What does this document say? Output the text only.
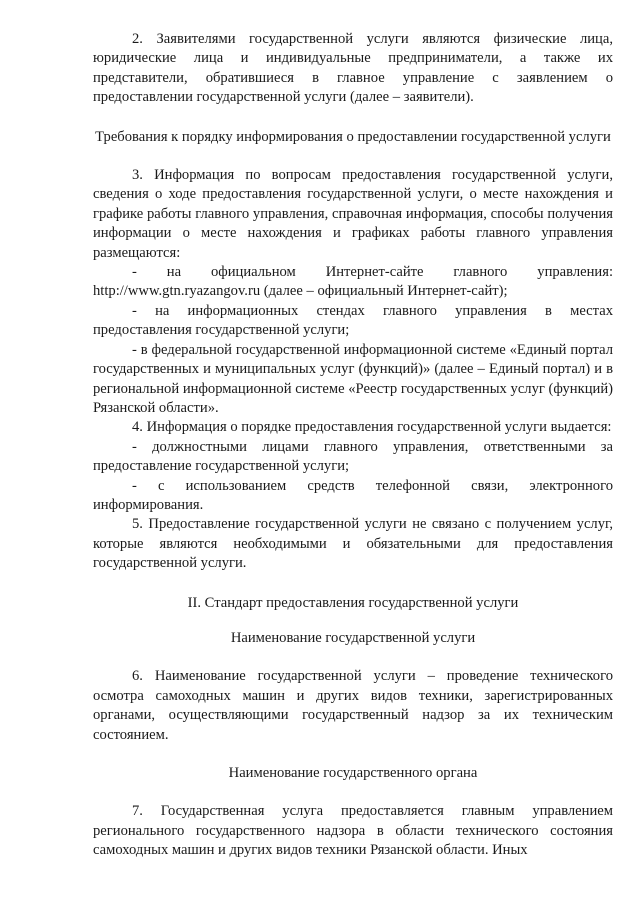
2. Заявителями государственной услуги являются физические лица, юридические лица и индивидуальные предприниматели, а также их представители, обратившиеся в главное управление с заявлением о предоставлении государственной услуги (далее – заявители).

Требования к порядку информирования о предоставлении государственной услуги

3. Информация по вопросам предоставления государственной услуги, сведения о ходе предоставления государственной услуги, о месте нахождения и графике работы главного управления, справочная информация, способы получения информации о месте нахождения и графиках работы главного управления размещаются:

- на официальном Интернет-сайте главного управления: http://www.gtn.ryazangov.ru (далее – официальный Интернет-сайт);

- на информационных стендах главного управления в местах предоставления государственной услуги;

- в федеральной государственной информационной системе «Единый портал государственных и муниципальных услуг (функций)» (далее – Единый портал) и в региональной информационной системе «Реестр государственных услуг (функций) Рязанской области».

4. Информация о порядке предоставления государственной услуги выдается:

- должностными лицами главного управления, ответственными за предоставление государственной услуги;

- с использованием средств телефонной связи, электронного информирования.

5. Предоставление государственной услуги не связано с получением услуг, которые являются необходимыми и обязательными для предоставления государственной услуги.

II. Стандарт предоставления государственной услуги

Наименование государственной услуги

6. Наименование государственной услуги – проведение технического осмотра самоходных машин и других видов техники, зарегистрированных органами, осуществляющими государственный надзор за их техническим состоянием.

Наименование государственного органа

7. Государственная услуга предоставляется главным управлением регионального государственного надзора в области технического состояния самоходных машин и других видов техники Рязанской области. Иных
